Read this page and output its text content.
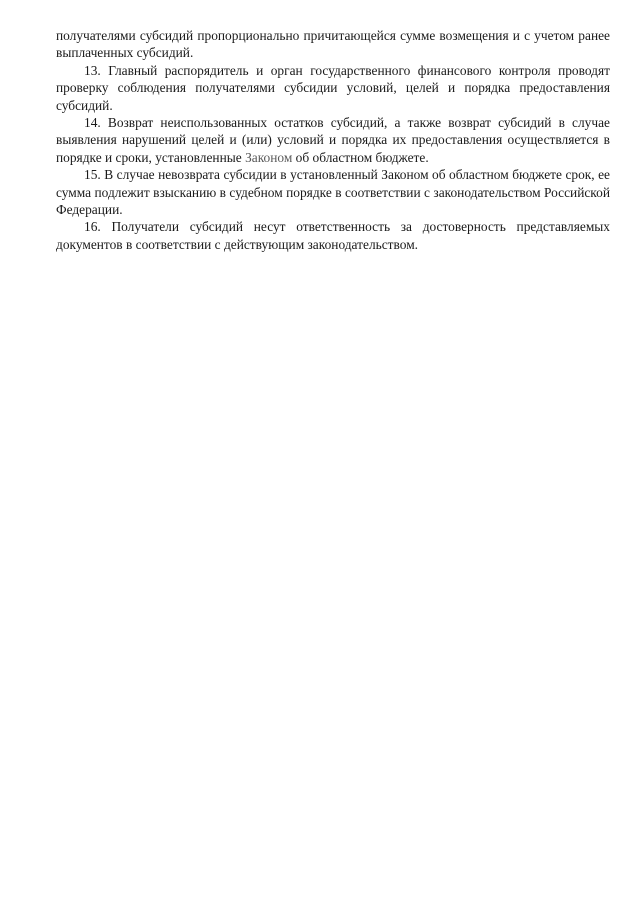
получателями субсидий пропорционально причитающейся сумме возмещения и с учетом ранее выплаченных субсидий.

13. Главный распорядитель и орган государственного финансового контроля проводят проверку соблюдения получателями субсидии условий, целей и порядка предоставления субсидий.

14. Возврат неиспользованных остатков субсидий, а также возврат субсидий в случае выявления нарушений целей и (или) условий и порядка их предоставления осуществляется в порядке и сроки, установленные Законом об областном бюджете.

15. В случае невозврата субсидии в установленный Законом об областном бюджете срок, ее сумма подлежит взысканию в судебном порядке в соответствии с законодательством Российской Федерации.

16. Получатели субсидий несут ответственность за достоверность представляемых документов в соответствии с действующим законодательством.
